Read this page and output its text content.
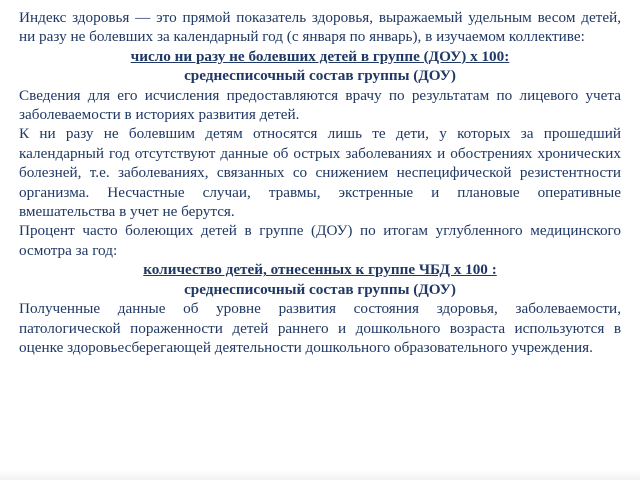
Индекс здоровья — это прямой показатель здоровья, выражаемый удельным весом детей, ни разу не болевших за календарный год (с января по январь), в изучаемом коллективе:

число ни разу не болевших детей в группе (ДОУ) х 100:
среднесписочный состав группы (ДОУ)

Сведения для его исчисления предоставляются врачу по результатам по лицевого учета заболеваемости в историях развития детей.

К ни разу не болевшим детям относятся лишь те дети, у которых за прошедший календарный год отсутствуют данные об острых заболеваниях и обострениях хронических болезней, т.е. заболеваниях, связанных со снижением неспецифической резистентности организма. Несчастные случаи, травмы, экстренные и плановые оперативные вмешательства в учет не берутся.

Процент часто болеющих детей в группе (ДОУ) по итогам углубленного медицинского осмотра за год:

количество детей, отнесенных к группе ЧБД х 100 :
среднесписочный состав группы (ДОУ)

Полученные данные об уровне развития состояния здоровья, заболеваемости, патологической пораженности детей раннего и дошкольного возраста используются в оценке здоровьесберегающей деятельности дошкольного образовательного учреждения.
